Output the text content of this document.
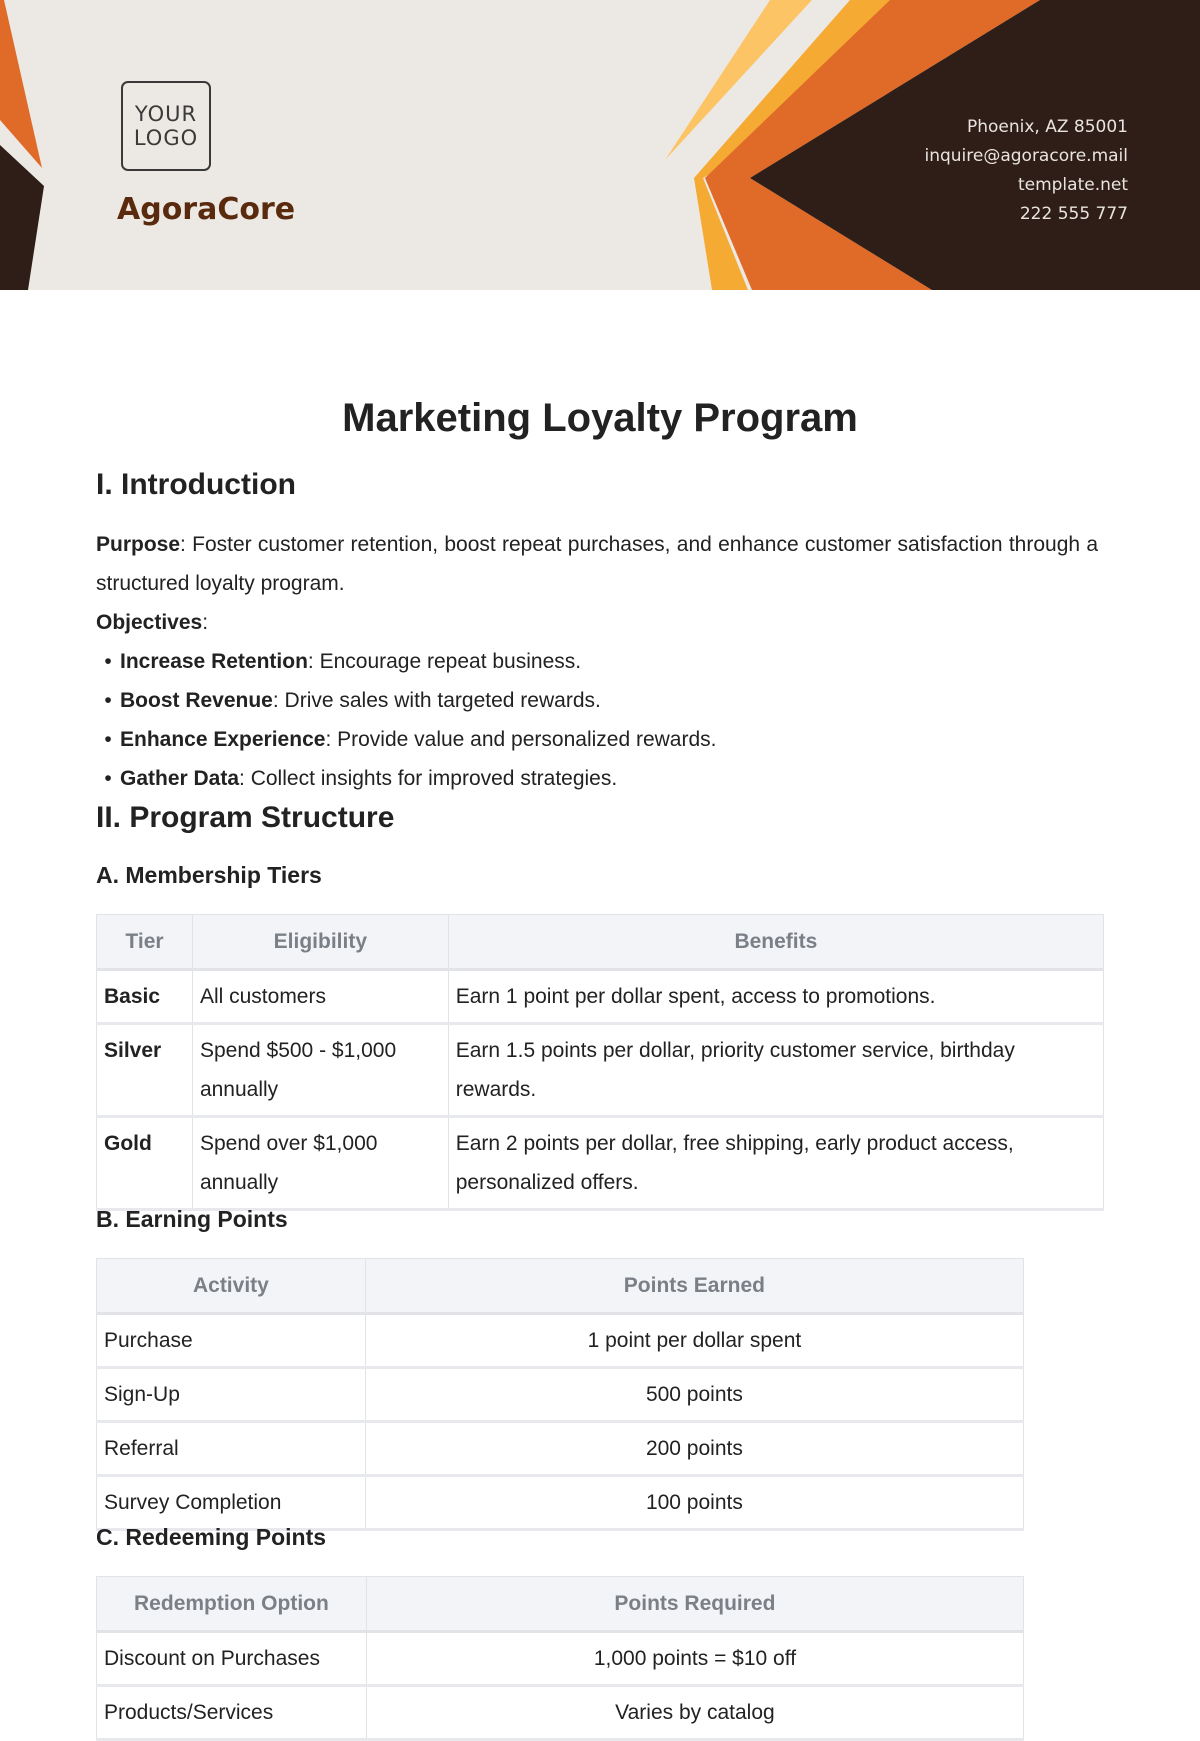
YOUR
LOGO
AgoraCore
Phoenix, AZ 85001
inquire@agoracore.mail
template.net
222 555 777
Marketing Loyalty Program
I. Introduction

Purpose: Foster customer retention, boost repeat purchases, and enhance customer satisfaction through a structured loyalty program.

Objectives:

• Increase Retention: Encourage repeat business.
• Boost Revenue: Drive sales with targeted rewards.
• Enhance Experience: Provide value and personalized rewards.
• Gather Data: Collect insights for improved strategies.
II. Program Structure
A. Membership Tiers
Tier	Eligibility	Benefits
Basic	All customers	Earn 1 point per dollar spent, access to promotions.
Silver	Spend $500 - $1,000 annually	Earn 1.5 points per dollar, priority customer service, birthday rewards.
Gold	Spend over $1,000 annually	Earn 2 points per dollar, free shipping, early product access, personalized offers.
B. Earning Points
Activity	Points Earned
Purchase	1 point per dollar spent
Sign-Up	500 points
Referral	200 points
Survey Completion	100 points
C. Redeeming Points
Redemption Option	Points Required
Discount on Purchases	1,000 points = $10 off
Products/Services	Varies by catalog
